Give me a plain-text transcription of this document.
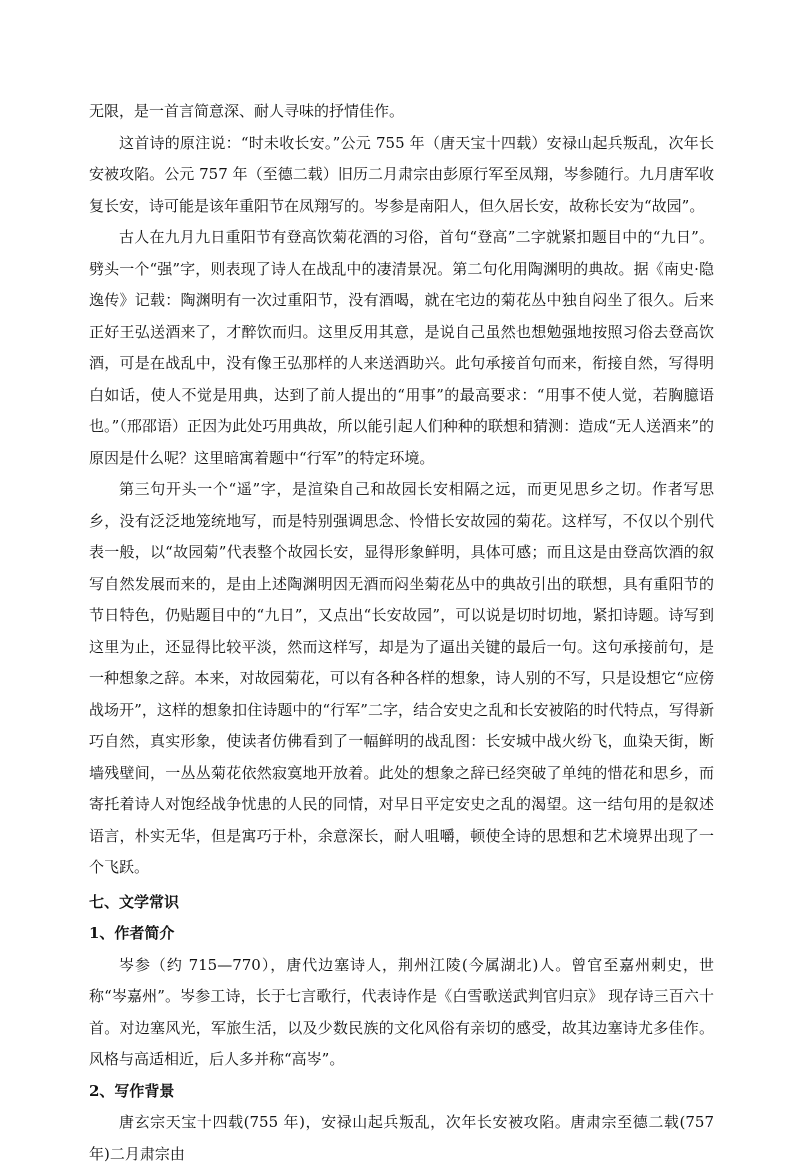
无限，是一首言简意深、耐人寻味的抒情佳作。

这首诗的原注说：“时未收长安。”公元 755 年（唐天宝十四载）安禄山起兵叛乱，次年长安被攻陷。公元 757 年（至德二载）旧历二月肃宗由彭原行军至凤翔，岑参随行。九月唐军收复长安，诗可能是该年重阳节在凤翔写的。岑参是南阳人，但久居长安，故称长安为“故园”。

古人在九月九日重阳节有登高饮菊花酒的习俗，首句“登高”二字就紧扣题目中的“九日”。劈头一个“强”字，则表现了诗人在战乱中的凄清景况。第二句化用陶渊明的典故。据《南史·隐逸传》记载：陶渊明有一次过重阳节，没有酒喝，就在宅边的菊花丛中独自闷坐了很久。后来正好王弘送酒来了，才醉饮而归。这里反用其意，是说自己虽然也想勉强地按照习俗去登高饮酒，可是在战乱中，没有像王弘那样的人来送酒助兴。此句承接首句而来，衔接自然，写得明白如话，使人不觉是用典，达到了前人提出的“用事”的最高要求：“用事不使人觉，若胸臆语也。”（邢邵语）正因为此处巧用典故，所以能引起人们种种的联想和猜测：造成“无人送酒来”的原因是什么呢？这里暗寓着题中“行军”的特定环境。

第三句开头一个“遥”字，是渲染自己和故园长安相隔之远，而更见思乡之切。作者写思乡，没有泛泛地笼统地写，而是特别强调思念、怜惜长安故园的菊花。这样写，不仅以个别代表一般，以“故园菊”代表整个故园长安，显得形象鲜明，具体可感；而且这是由登高饮酒的叙写自然发展而来的，是由上述陶渊明因无酒而闷坐菊花丛中的典故引出的联想，具有重阳节的节日特色，仍贴题目中的“九日”，又点出“长安故园”，可以说是切时切地，紧扣诗题。诗写到这里为止，还显得比较平淡，然而这样写，却是为了逼出关键的最后一句。这句承接前句，是一种想象之辞。本来，对故园菊花，可以有各种各样的想象，诗人别的不写，只是设想它“应傍战场开”，这样的想象扣住诗题中的“行军”二字，结合安史之乱和长安被陷的时代特点，写得新巧自然，真实形象，使读者仿佛看到了一幅鲜明的战乱图：长安城中战火纷飞，血染天街，断墙残壁间，一丛丛菊花依然寂寞地开放着。此处的想象之辞已经突破了单纯的惜花和思乡，而寄托着诗人对饱经战争忧患的人民的同情，对早日平定安史之乱的渴望。这一结句用的是叙述语言，朴实无华，但是寓巧于朴，余意深长，耐人咀嚼，顿使全诗的思想和艺术境界出现了一个飞跃。

七、文学常识
1、作者简介

岑参（约 715—770），唐代边塞诗人，荆州江陵(今属湖北)人。曾官至嘉州刺史，世称“岑嘉州”。岑参工诗，长于七言歌行，代表诗作是《白雪歌送武判官归京》 现存诗三百六十首。对边塞风光，军旅生活，以及少数民族的文化风俗有亲切的感受，故其边塞诗尤多佳作。风格与高适相近，后人多并称“高岑”。

2、写作背景

唐玄宗天宝十四载(755 年)，安禄山起兵叛乱，次年长安被攻陷。唐肃宗至德二载(757 年)二月肃宗由
